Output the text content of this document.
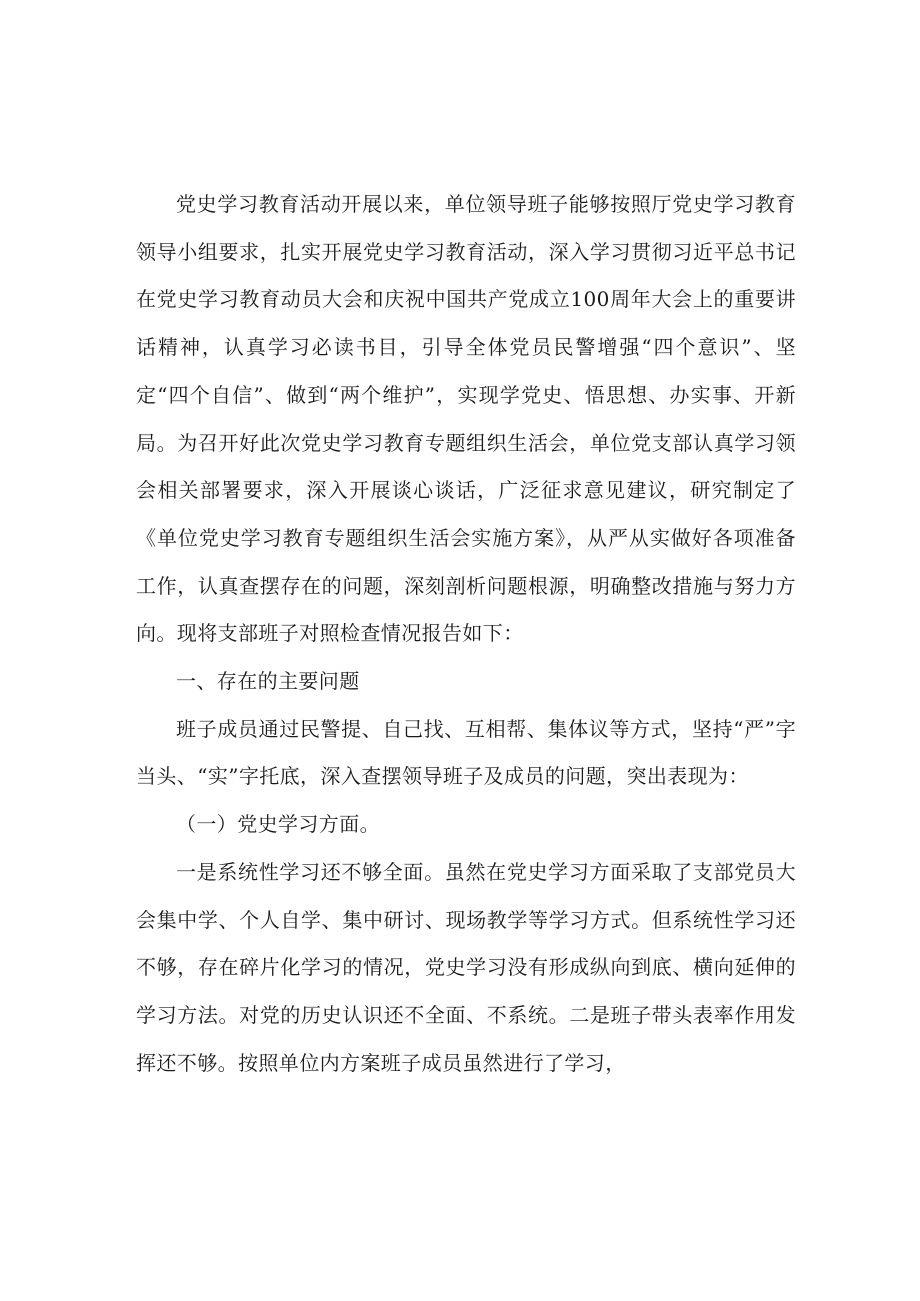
党史学习教育活动开展以来，单位领导班子能够按照厅党史学习教育领导小组要求，扎实开展党史学习教育活动，深入学习贯彻习近平总书记在党史学习教育动员大会和庆祝中国共产党成立100周年大会上的重要讲话精神，认真学习必读书目，引导全体党员民警增强“四个意识”、坚定“四个自信”、做到“两个维护”，实现学党史、悟思想、办实事、开新局。为召开好此次党史学习教育专题组织生活会，单位党支部认真学习领会相关部署要求，深入开展谈心谈话，广泛征求意见建议，研究制定了《单位党史学习教育专题组织生活会实施方案》，从严从实做好各项准备工作，认真查摆存在的问题，深刻剖析问题根源，明确整改措施与努力方向。现将支部班子对照检查情况报告如下：

一、存在的主要问题

班子成员通过民警提、自己找、互相帮、集体议等方式，坚持“严”字当头、“实”字托底，深入查摆领导班子及成员的问题，突出表现为：

（一）党史学习方面。

一是系统性学习还不够全面。虽然在党史学习方面采取了支部党员大会集中学、个人自学、集中研讨、现场教学等学习方式。但系统性学习还不够，存在碎片化学习的情况，党史学习没有形成纵向到底、横向延伸的学习方法。对党的历史认识还不全面、不系统。二是班子带头表率作用发挥还不够。按照单位内方案班子成员虽然进行了学习，
